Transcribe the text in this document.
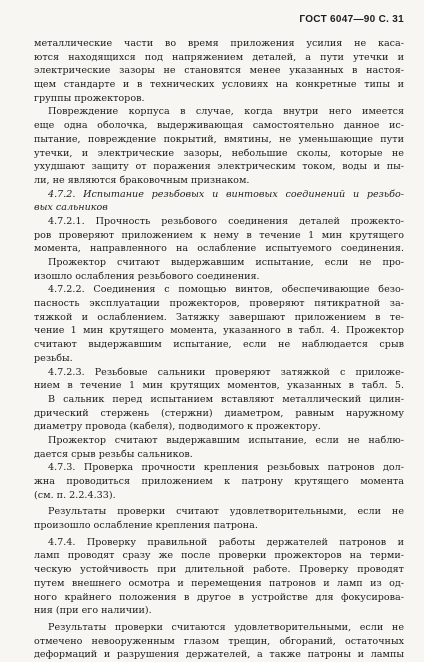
ГОСТ 6047—90 С. 31
металлические части во время приложения усилия не каса-
ются находящихся под напряжением деталей, а пути утечки и
электрические зазоры не становятся менее указанных в настоя-
щем стандарте и в технических условиях на конкретные типы и
группы прожекторов.
Повреждение корпуса в случае, когда внутри него имеется
еще одна оболочка, выдерживающая самостоятельно данное ис-
пытание, повреждение покрытий, вмятины, не уменьшающие пути
утечки, и электрические зазоры, небольшие сколы, которые не
ухудшают защиту от поражения электрическим током, воды и пы-
ли, не являются браковочным признаком.
4.7.2. Испытание резьбовых и винтовых соединений и резьбо-
вых сальников
4.7.2.1. Прочность резьбового соединения деталей прожекто-
ров проверяют приложением к нему в течение 1 мин крутящего
момента, направленного на ослабление испытуемого соединения.
Прожектор считают выдержавшим испытание, если не про-
изошло ослабления резьбового соединения.
4.7.2.2. Соединения с помощью винтов, обеспечивающие безо-
пасность эксплуатации прожекторов, проверяют пятикратной за-
тяжкой и ослаблением. Затяжку завершают приложением в те-
чение 1 мин крутящего момента, указанного в табл. 4. Прожектор
считают выдержавшим испытание, если не наблюдается срыв
резьбы.
4.7.2.3. Резьбовые сальники проверяют затяжкой с приложе-
нием в течение 1 мин крутящих моментов, указанных в табл. 5.
В сальник перед испытанием вставляют металлический цилин-
дрический стержень (стержни) диаметром, равным наружному
диаметру провода (кабеля), подводимого к прожектору.
Прожектор считают выдержавшим испытание, если не наблю-
дается срыв резьбы сальников.
4.7.3. Проверка прочности крепления резьбовых патронов дол-
жна проводиться приложением к патрону крутящего момента
(см. п. 2.2.4.33).
Результаты проверки считают удовлетворительными, если не
произошло ослабление крепления патрона.
4.7.4. Проверку правильной работы держателей патронов и
ламп проводят сразу же после проверки прожекторов на терми-
ческую устойчивость при длительной работе. Проверку проводят
путем внешнего осмотра и перемещения патронов и ламп из од-
ного крайнего положения в другое в устройстве для фокусирова-
ния (при его наличии).
Результаты проверки считаются удовлетворительными, если не
отмечено невооруженным глазом трещин, обгораний, остаточных
деформаций и разрушения держателей, а также патроны и лампы
